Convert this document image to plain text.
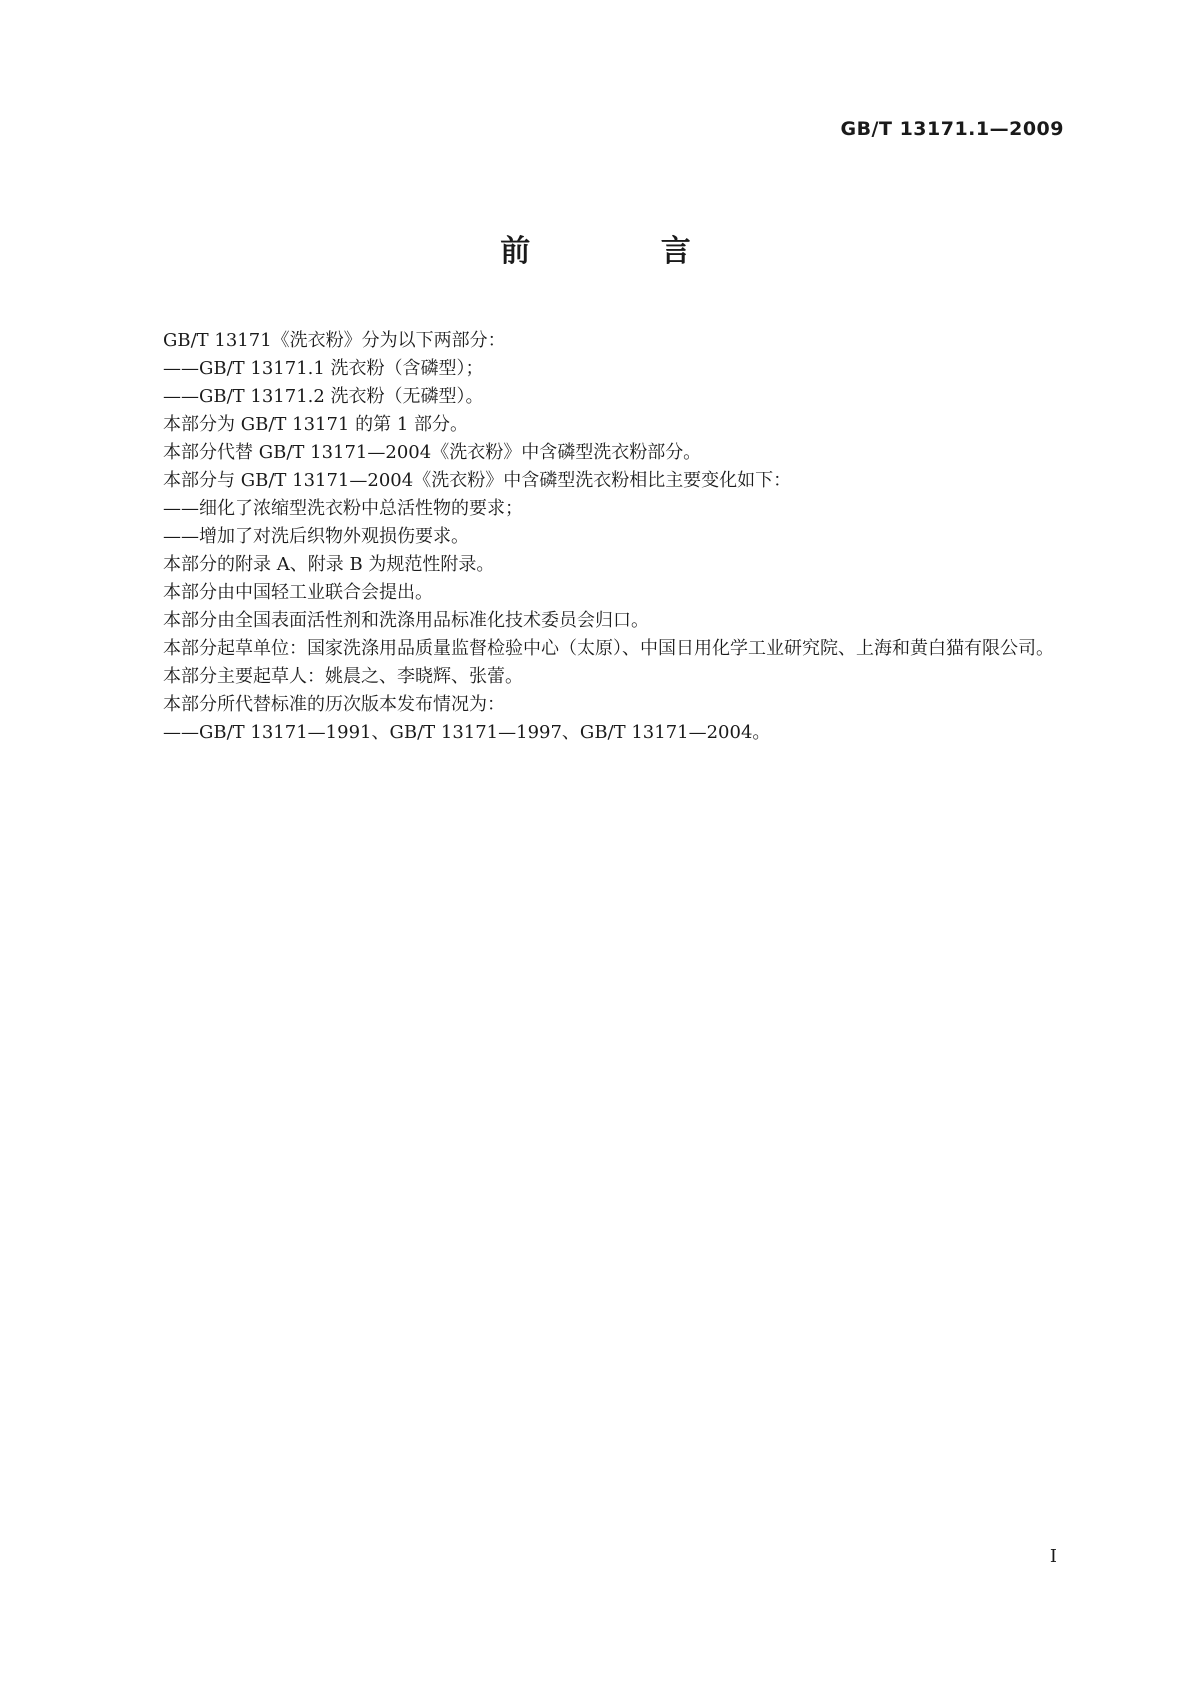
GB/T 13171.1—2009
前 言

GB/T 13171《洗衣粉》分为以下两部分：

——GB/T 13171.1 洗衣粉（含磷型）；

——GB/T 13171.2 洗衣粉（无磷型）。

本部分为 GB/T 13171 的第 1 部分。

本部分代替 GB/T 13171—2004《洗衣粉》中含磷型洗衣粉部分。

本部分与 GB/T 13171—2004《洗衣粉》中含磷型洗衣粉相比主要变化如下：

——细化了浓缩型洗衣粉中总活性物的要求；

——增加了对洗后织物外观损伤要求。

本部分的附录 A、附录 B 为规范性附录。

本部分由中国轻工业联合会提出。

本部分由全国表面活性剂和洗涤用品标准化技术委员会归口。

本部分起草单位：国家洗涤用品质量监督检验中心（太原）、中国日用化学工业研究院、上海和黄白猫有限公司。

本部分主要起草人：姚晨之、李晓辉、张蕾。

本部分所代替标准的历次版本发布情况为：

——GB/T 13171—1991、GB/T 13171—1997、GB/T 13171—2004。

I
